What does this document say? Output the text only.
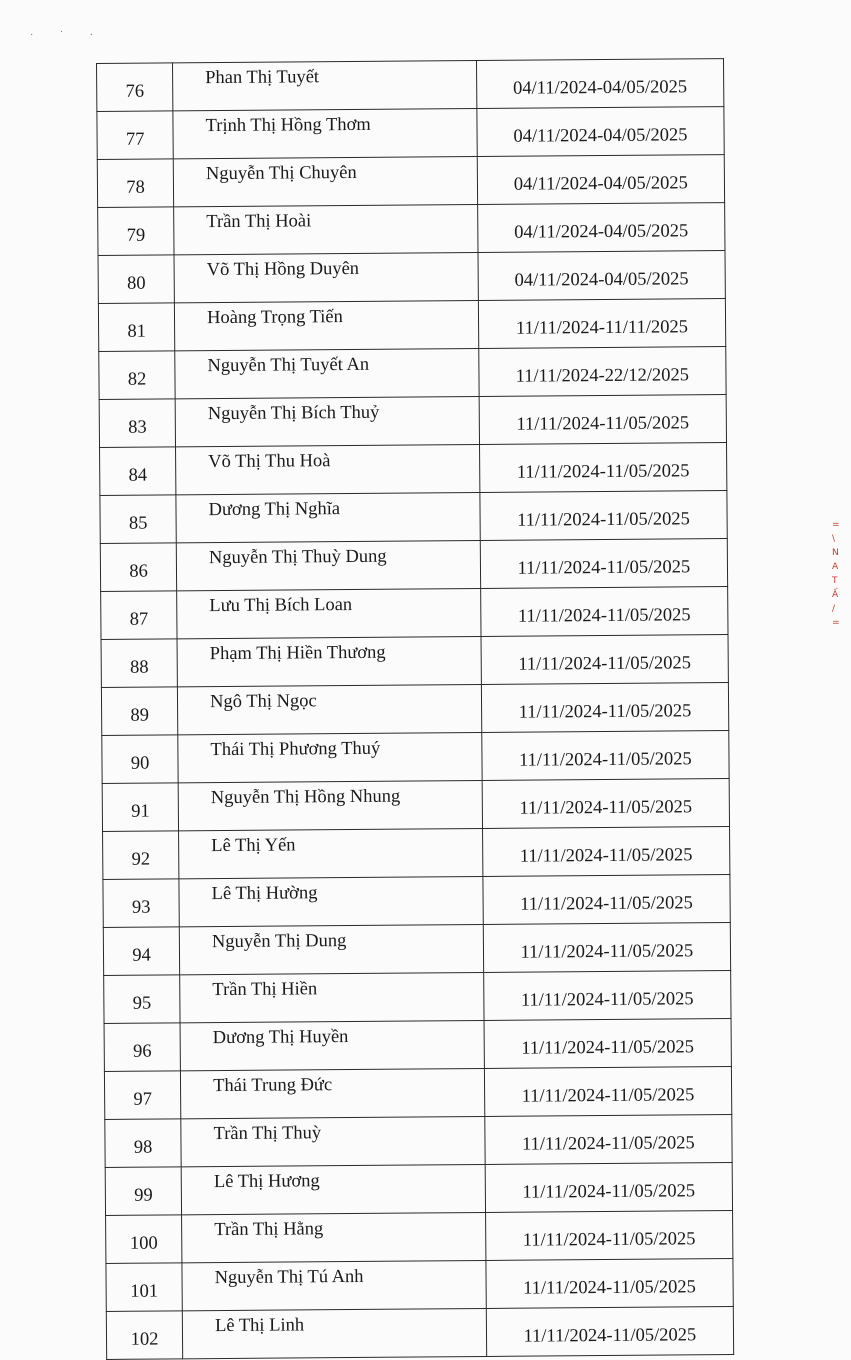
· ˙ ·
76	Phan Thị Tuyết	04/11/2024-04/05/2025
77	Trịnh Thị Hồng Thơm	04/11/2024-04/05/2025
78	Nguyễn Thị Chuyên	04/11/2024-04/05/2025
79	Trần Thị Hoài	04/11/2024-04/05/2025
80	Võ Thị Hồng Duyên	04/11/2024-04/05/2025
81	Hoàng Trọng Tiến	11/11/2024-11/11/2025
82	Nguyễn Thị Tuyết An	11/11/2024-22/12/2025
83	Nguyễn Thị Bích Thuỷ	11/11/2024-11/05/2025
84	Võ Thị Thu Hoà	11/11/2024-11/05/2025
85	Dương Thị Nghĩa	11/11/2024-11/05/2025
86	Nguyễn Thị Thuỳ Dung	11/11/2024-11/05/2025
87	Lưu Thị Bích Loan	11/11/2024-11/05/2025
88	Phạm Thị Hiền Thương	11/11/2024-11/05/2025
89	Ngô Thị Ngọc	11/11/2024-11/05/2025
90	Thái Thị Phương Thuý	11/11/2024-11/05/2025
91	Nguyễn Thị Hồng Nhung	11/11/2024-11/05/2025
92	Lê Thị Yến	11/11/2024-11/05/2025
93	Lê Thị Hường	11/11/2024-11/05/2025
94	Nguyễn Thị Dung	11/11/2024-11/05/2025
95	Trần Thị Hiền	11/11/2024-11/05/2025
96	Dương Thị Huyền	11/11/2024-11/05/2025
97	Thái Trung Đức	11/11/2024-11/05/2025
98	Trần Thị Thuỳ	11/11/2024-11/05/2025
99	Lê Thị Hương	11/11/2024-11/05/2025
100	Trần Thị Hằng	11/11/2024-11/05/2025
101	Nguyễn Thị Tú Anh	11/11/2024-11/05/2025
102	Lê Thị Linh	11/11/2024-11/05/2025
=
\
N
A
T
Ấ
/
=
